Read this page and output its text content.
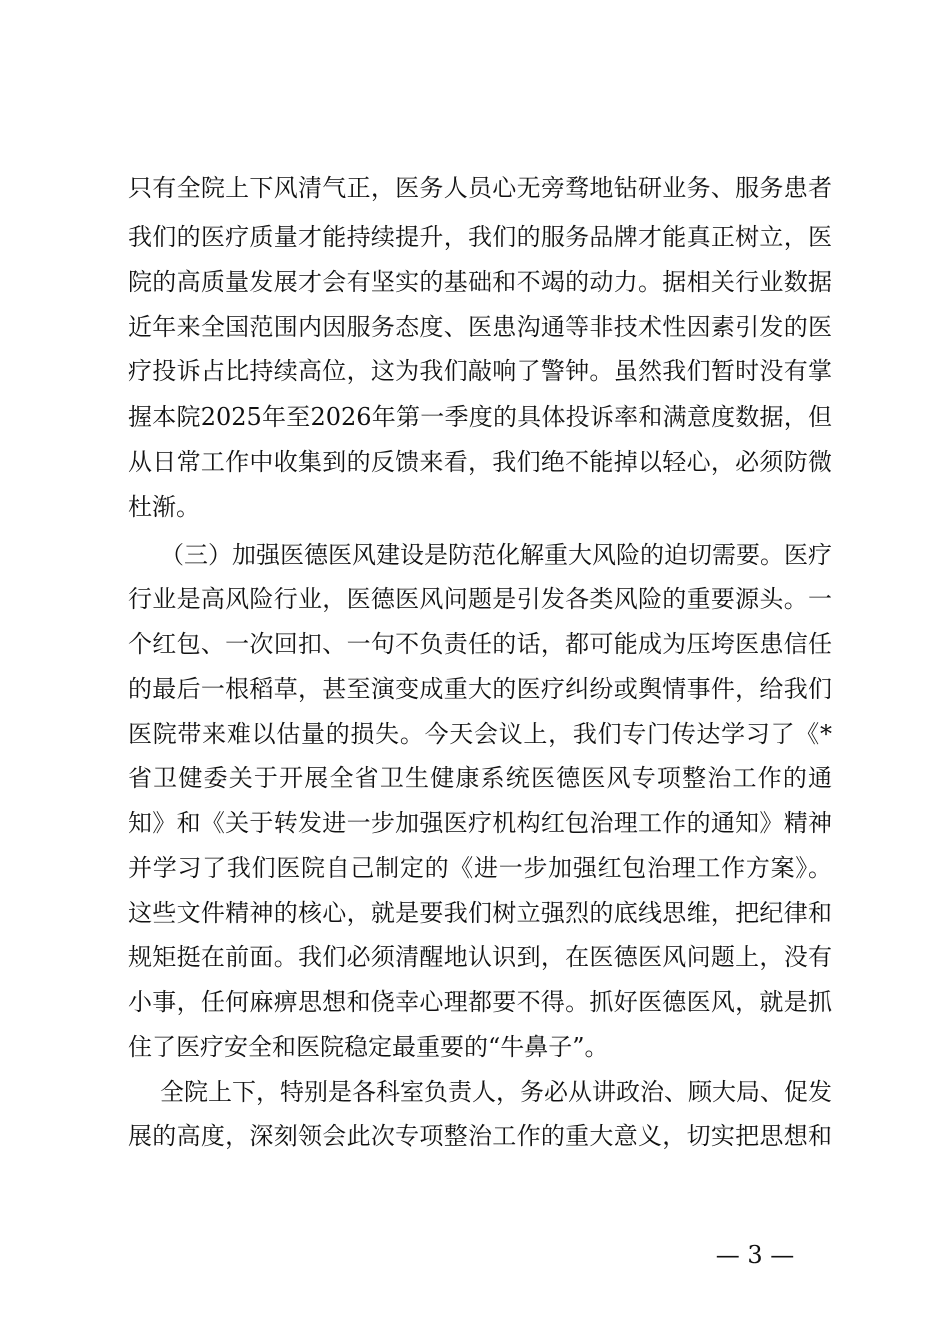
只有全院上下风清气正，医务人员心无旁骛地钻研业务、服务患者
我们的医疗质量才能持续提升，我们的服务品牌才能真正树立，医
院的高质量发展才会有坚实的基础和不竭的动力。据相关行业数据
近年来全国范围内因服务态度、医患沟通等非技术性因素引发的医
疗投诉占比持续高位，这为我们敲响了警钟。虽然我们暂时没有掌
握本院2025年至2026年第一季度的具体投诉率和满意度数据，但
从日常工作中收集到的反馈来看，我们绝不能掉以轻心，必须防微
杜渐。
（三）加强医德医风建设是防范化解重大风险的迫切需要。医疗
行业是高风险行业，医德医风问题是引发各类风险的重要源头。一
个红包、一次回扣、一句不负责任的话，都可能成为压垮医患信任
的最后一根稻草，甚至演变成重大的医疗纠纷或舆情事件，给我们
医院带来难以估量的损失。今天会议上，我们专门传达学习了《*
省卫健委关于开展全省卫生健康系统医德医风专项整治工作的通
知》和《关于转发进一步加强医疗机构红包治理工作的通知》精神
并学习了我们医院自己制定的《进一步加强红包治理工作方案》。
这些文件精神的核心，就是要我们树立强烈的底线思维，把纪律和
规矩挺在前面。我们必须清醒地认识到，在医德医风问题上，没有
小事，任何麻痹思想和侥幸心理都要不得。抓好医德医风，就是抓
住了医疗安全和医院稳定最重要的“牛鼻子”。
全院上下，特别是各科室负责人，务必从讲政治、顾大局、促发
展的高度，深刻领会此次专项整治工作的重大意义，切实把思想和
— 3 —
